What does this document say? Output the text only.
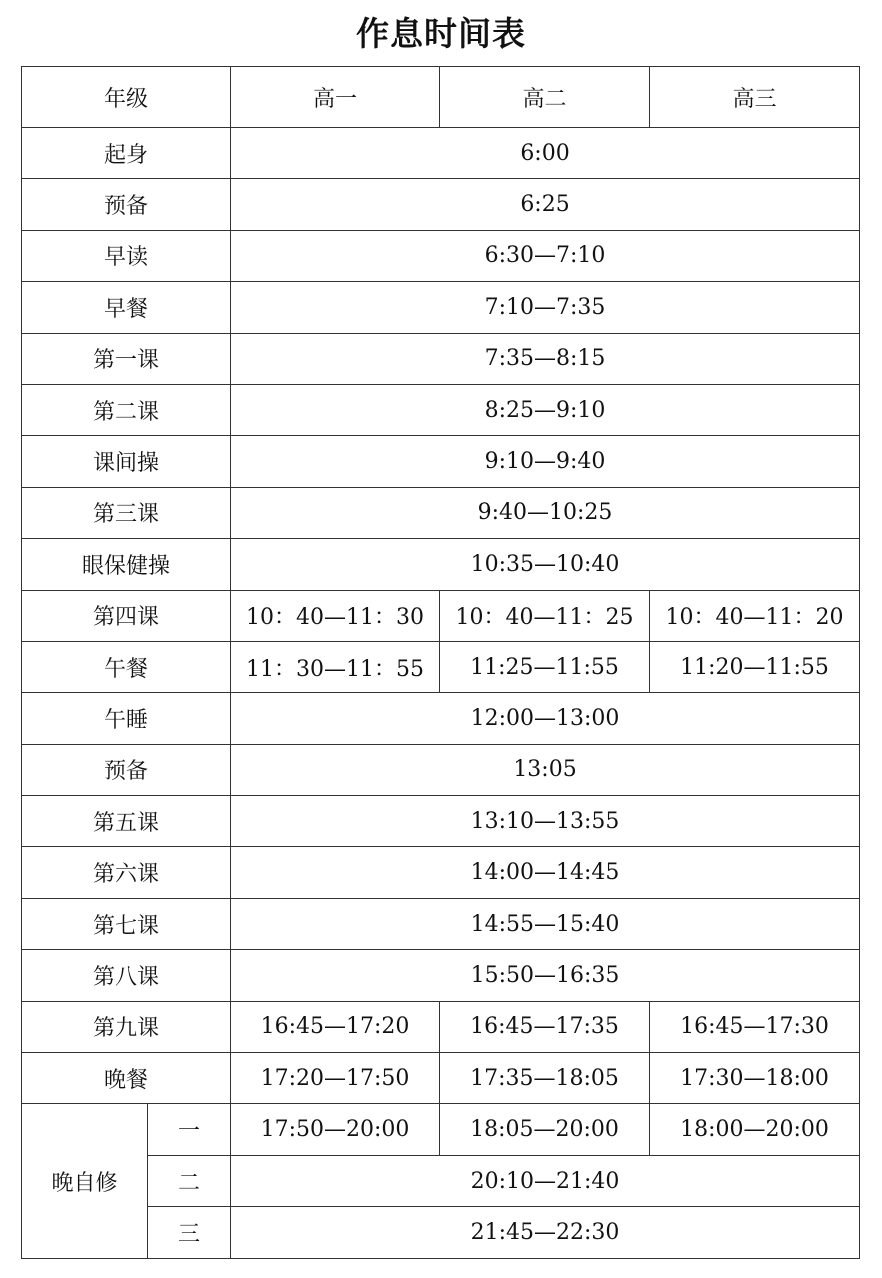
作息时间表
年级		高一	高二	高三
起身		6:00		
预备		6:25		
早读		6:30—7:10		
早餐		7:10—7:35		
第一课		7:35—8:15		
第二课		8:25—9:10		
课间操		9:10—9:40		
第三课		9:40—10:25		
眼保健操		10:35—10:40		
第四课		10：40—11：30	10：40—11：25	10：40—11：20
午餐		11：30—11：55	11:25—11:55	11:20—11:55
午睡		12:00—13:00		
预备		13:05		
第五课		13:10—13:55		
第六课		14:00—14:45		
第七课		14:55—15:40		
第八课		15:50—16:35		
第九课		16:45—17:20	16:45—17:35	16:45—17:30
晚餐		17:20—17:50	17:35—18:05	17:30—18:00
晚自修	一	17:50—20:00	18:05—20:00	18:00—20:00
	二	20:10—21:40		
	三	21:45—22:30		
